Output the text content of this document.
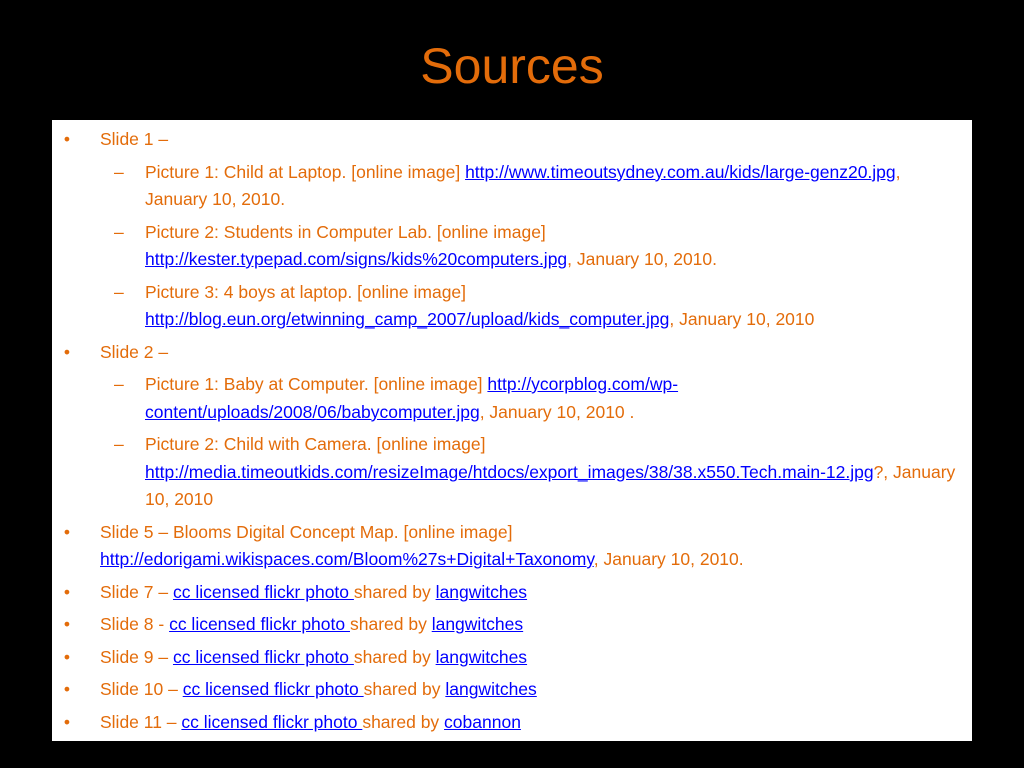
Sources
• Slide 1 –
– Picture 1: Child at Laptop. [online image] http://www.timeoutsydney.com.au/kids/large-genz20.jpg, January 10, 2010.
– Picture 2: Students in Computer Lab. [online image] http://kester.typepad.com/signs/kids%20computers.jpg, January 10, 2010.
– Picture 3: 4 boys at laptop. [online image] http://blog.eun.org/etwinning_camp_2007/upload/kids_computer.jpg, January 10, 2010
• Slide 2 –
– Picture 1: Baby at Computer. [online image] http://ycorpblog.com/wp-content/uploads/2008/06/babycomputer.jpg, January 10, 2010 .
– Picture 2: Child with Camera. [online image] http://media.timeoutkids.com/resizeImage/htdocs/export_images/38/38.x550.Tech.main-12.jpg?, January 10, 2010
• Slide 5 – Blooms Digital Concept Map. [online image] http://edorigami.wikispaces.com/Bloom%27s+Digital+Taxonomy, January 10, 2010.
• Slide 7 – cc licensed flickr photo shared by langwitches
• Slide 8 - cc licensed flickr photo shared by langwitches
• Slide 9 – cc licensed flickr photo shared by langwitches
• Slide 10 – cc licensed flickr photo shared by langwitches
• Slide 11 – cc licensed flickr photo shared by cobannon
